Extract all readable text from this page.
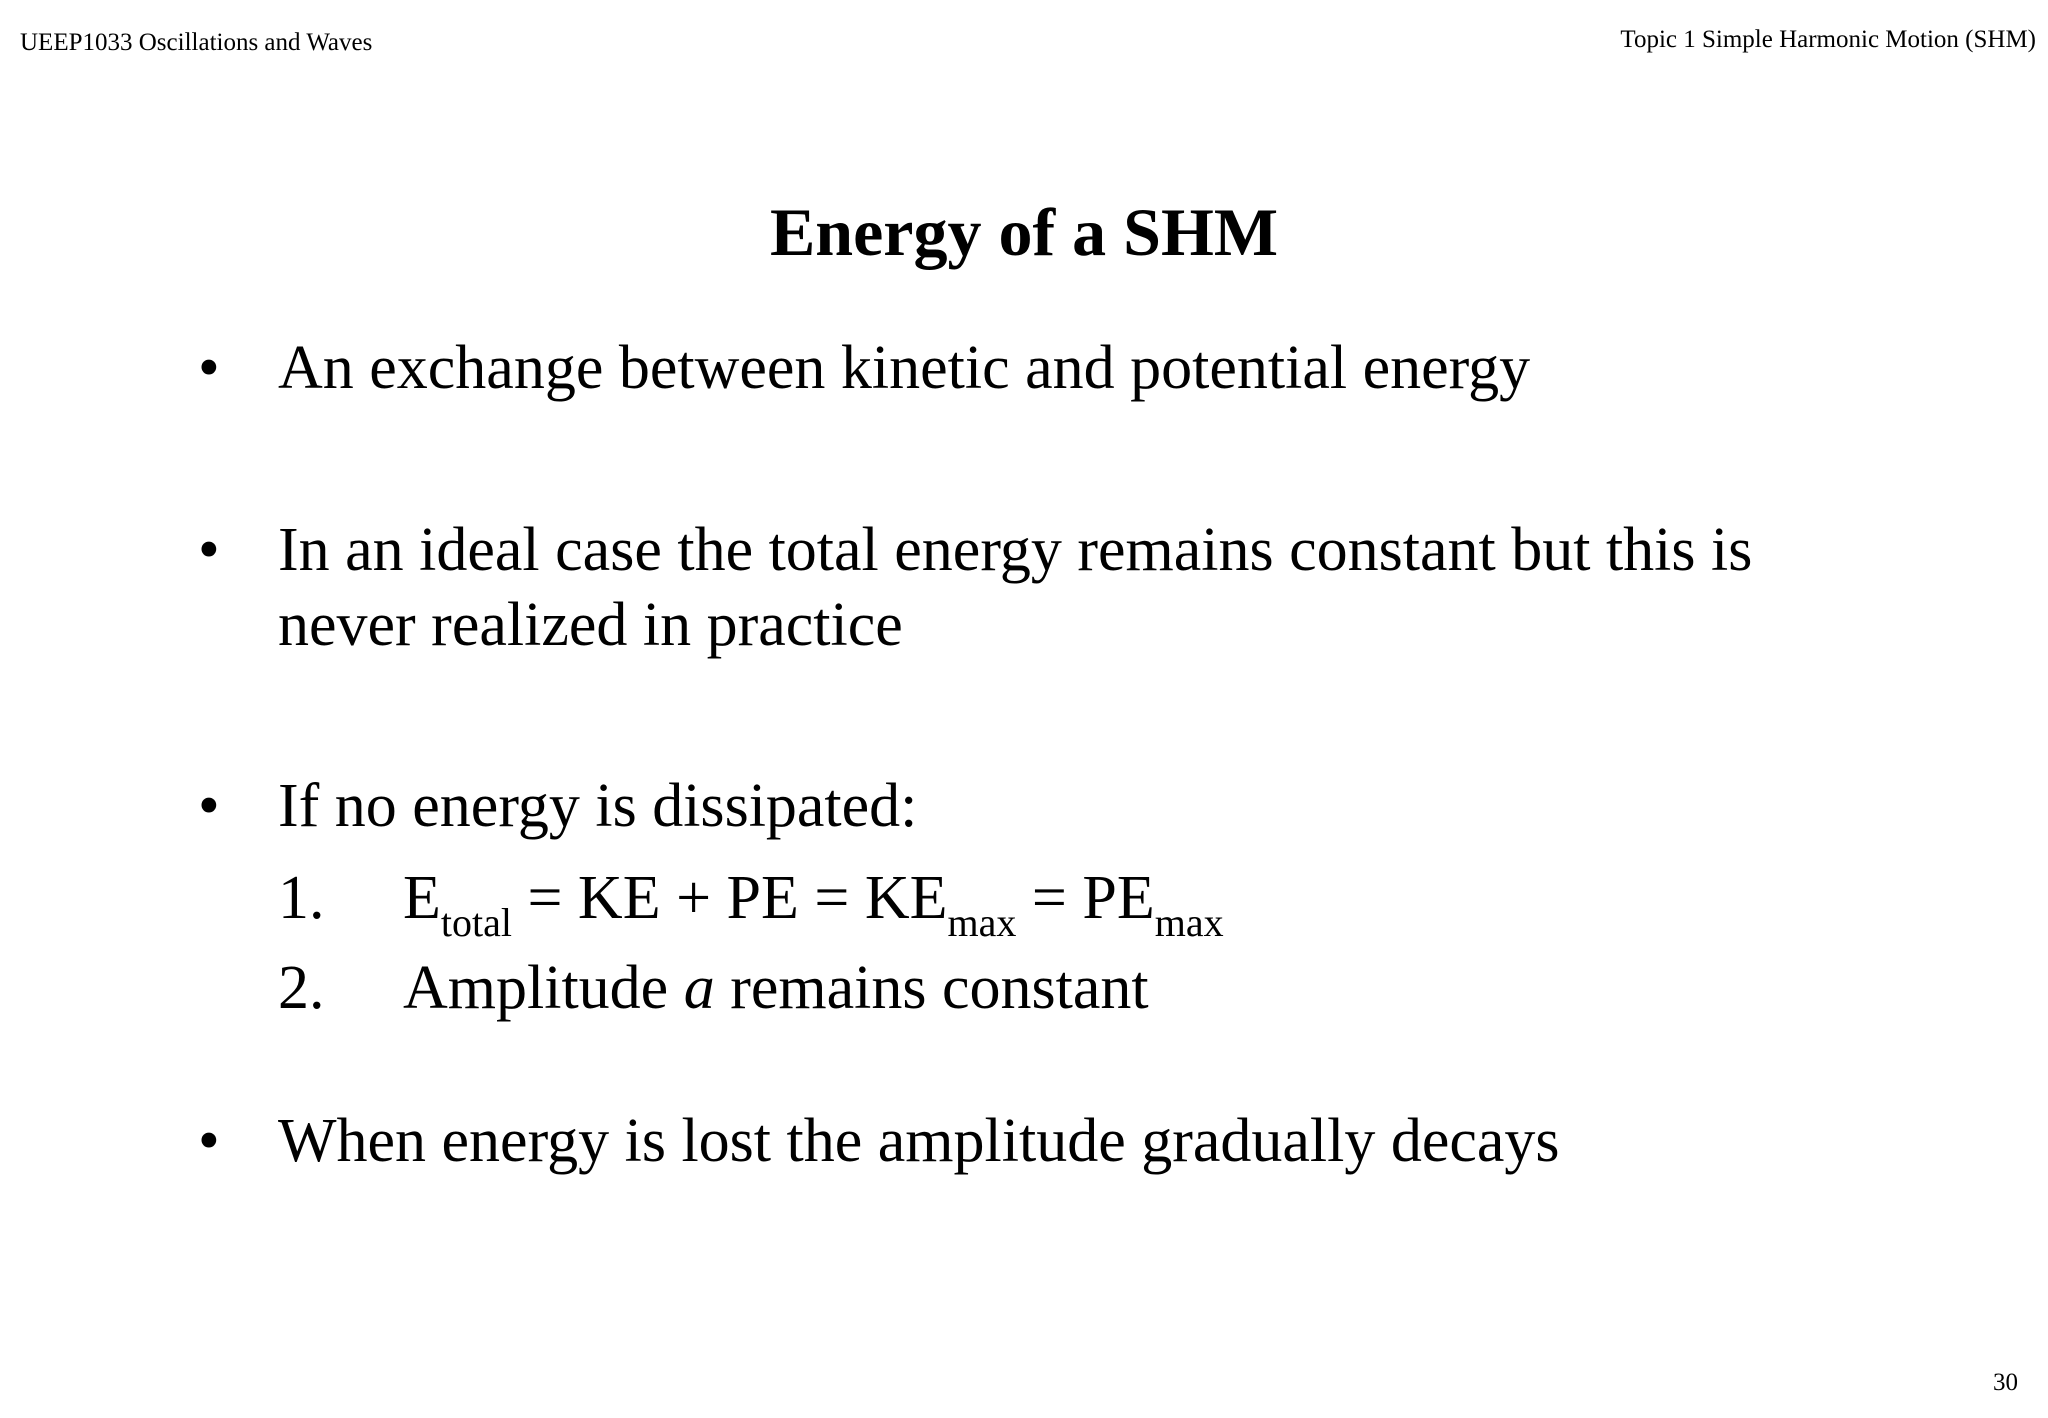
UEEP1033 Oscillations and Waves	Topic 1 Simple Harmonic Motion (SHM)
Energy of a SHM
• An exchange between kinetic and potential energy
• In an ideal case the total energy remains constant but this is
never realized in practice
• If no energy is dissipated:
1. $E_{total}$ = KE + PE = $KE_{max} = PE_{max}$
2. Amplitude a remains constant
• When energy is lost the amplitude gradually decays
30
